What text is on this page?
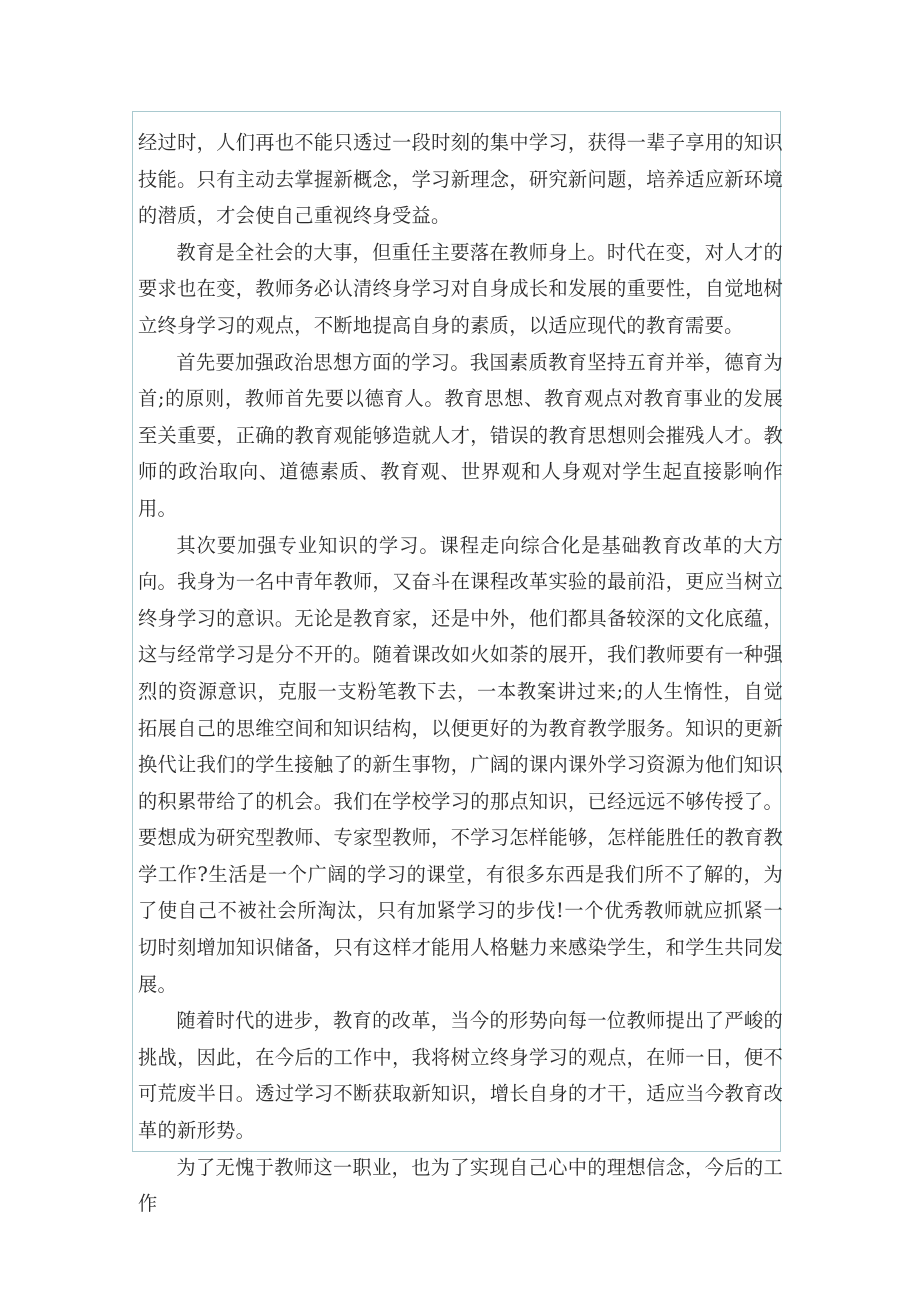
经过时，人们再也不能只透过一段时刻的集中学习，获得一辈子享用的知识技能。只有主动去掌握新概念，学习新理念，研究新问题，培养适应新环境的潜质，才会使自己重视终身受益。

教育是全社会的大事，但重任主要落在教师身上。时代在变，对人才的要求也在变，教师务必认清终身学习对自身成长和发展的重要性，自觉地树立终身学习的观点，不断地提高自身的素质，以适应现代的教育需要。

首先要加强政治思想方面的学习。我国素质教育坚持五育并举，德育为首;的原则，教师首先要以德育人。教育思想、教育观点对教育事业的发展至关重要，正确的教育观能够造就人才，错误的教育思想则会摧残人才。教师的政治取向、道德素质、教育观、世界观和人身观对学生起直接影响作用。

其次要加强专业知识的学习。课程走向综合化是基础教育改革的大方向。我身为一名中青年教师，又奋斗在课程改革实验的最前沿，更应当树立终身学习的意识。无论是教育家，还是中外，他们都具备较深的文化底蕴，这与经常学习是分不开的。随着课改如火如荼的展开，我们教师要有一种强烈的资源意识，克服一支粉笔教下去，一本教案讲过来;的人生惰性，自觉拓展自己的思维空间和知识结构，以便更好的为教育教学服务。知识的更新换代让我们的学生接触了的新生事物，广阔的课内课外学习资源为他们知识的积累带给了的机会。我们在学校学习的那点知识，已经远远不够传授了。要想成为研究型教师、专家型教师，不学习怎样能够，怎样能胜任的教育教学工作?生活是一个广阔的学习的课堂，有很多东西是我们所不了解的，为了使自己不被社会所淘汰，只有加紧学习的步伐!一个优秀教师就应抓紧一切时刻增加知识储备，只有这样才能用人格魅力来感染学生，和学生共同发展。

随着时代的进步，教育的改革，当今的形势向每一位教师提出了严峻的挑战，因此，在今后的工作中，我将树立终身学习的观点，在师一日，便不可荒废半日。透过学习不断获取新知识，增长自身的才干，适应当今教育改革的新形势。

为了无愧于教师这一职业，也为了实现自己心中的理想信念，今后的工作
